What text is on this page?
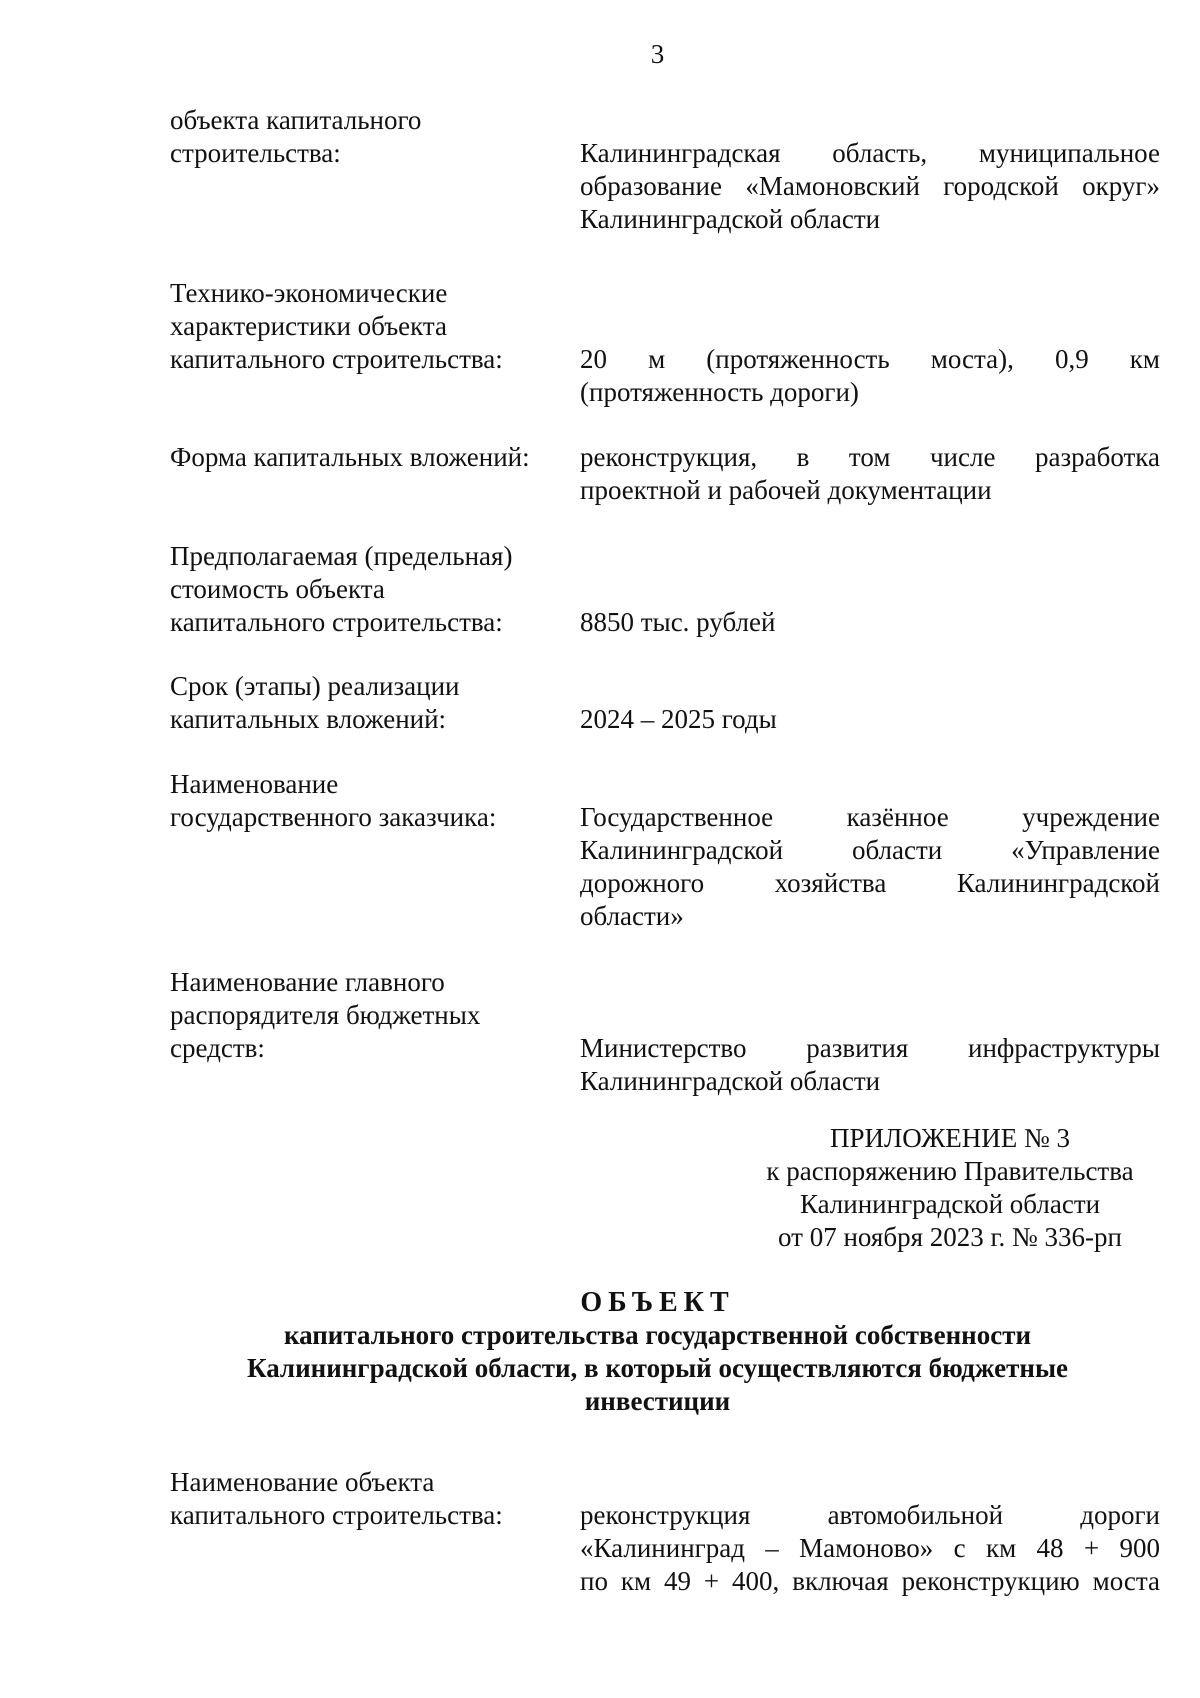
3
объекта капитального
строительства:	Калининградская область, муниципальное
образование «Мамоновский городской округ»
Калининградской области
Технико-экономические
характеристики объекта
капитального строительства:	20 м (протяженность моста), 0,9 км
(протяженность дороги)
Форма капитальных вложений:	реконструкция, в том числе разработка
проектной и рабочей документации
Предполагаемая (предельная)
стоимость объекта
капитального строительства:	8850 тыс. рублей
Срок (этапы) реализации
капитальных вложений:	2024 – 2025 годы
Наименование
государственного заказчика:	Государственное казённое учреждение
Калининградской области «Управление
дорожного хозяйства Калининградской
области»
Наименование главного
распорядителя бюджетных
средств:	Министерство развития инфраструктуры
Калининградской области
ПРИЛОЖЕНИЕ № 3
к распоряжению Правительства
Калининградской области
от 07 ноября 2023 г. № 336-рп
ОБЪЕКТ
капитального строительства государственной собственности
Калининградской области, в который осуществляются бюджетные
инвестиции
Наименование объекта
капитального строительства:	реконструкция автомобильной дороги
«Калининград – Мамоново» с км 48 + 900
по км 49 + 400, включая реконструкцию моста
